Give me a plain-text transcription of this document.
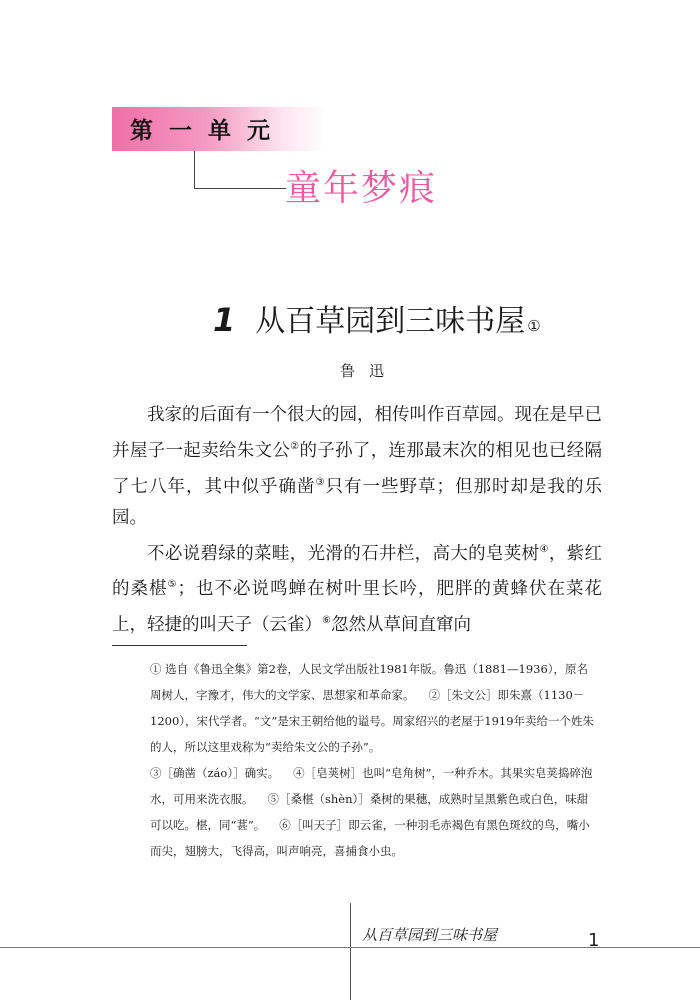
第一单元
童年梦痕
1 从百草园到三味书屋 ①
鲁迅

我家的后面有一个很大的园，相传叫作百草园。现在是早已并屋子一起卖给朱文公②的子孙了，连那最末次的相见也已经隔了七八年，其中似乎确凿③只有一些野草；但那时却是我的乐园。

不必说碧绿的菜畦，光滑的石井栏，高大的皂荚树④，紫红的桑椹⑤；也不必说鸣蝉在树叶里长吟，肥胖的黄蜂伏在菜花上，轻捷的叫天子（云雀）⑥忽然从草间直窜向

① 选自《鲁迅全集》第2卷，人民文学出版社1981年版。鲁迅（1881—1936），原名周树人，字豫才，伟大的文学家、思想家和革命家。 ②［朱文公］即朱熹（1130－1200），宋代学者。“文”是宋王朝给他的谥号。周家绍兴的老屋于1919年卖给一个姓朱的人，所以这里戏称为“卖给朱文公的子孙”。
③［确凿（záo）］确实。 ④［皂荚树］也叫“皂角树”，一种乔木。其果实皂荚捣碎泡水，可用来洗衣服。 ⑤［桑椹（shèn）］桑树的果穗，成熟时呈黑紫色或白色，味甜可以吃。椹，同“葚”。 ⑥［叫天子］即云雀，一种羽毛赤褐色有黑色斑纹的鸟，嘴小而尖，翅膀大，飞得高，叫声响亮，喜捕食小虫。
从百草园到三味书屋	1
